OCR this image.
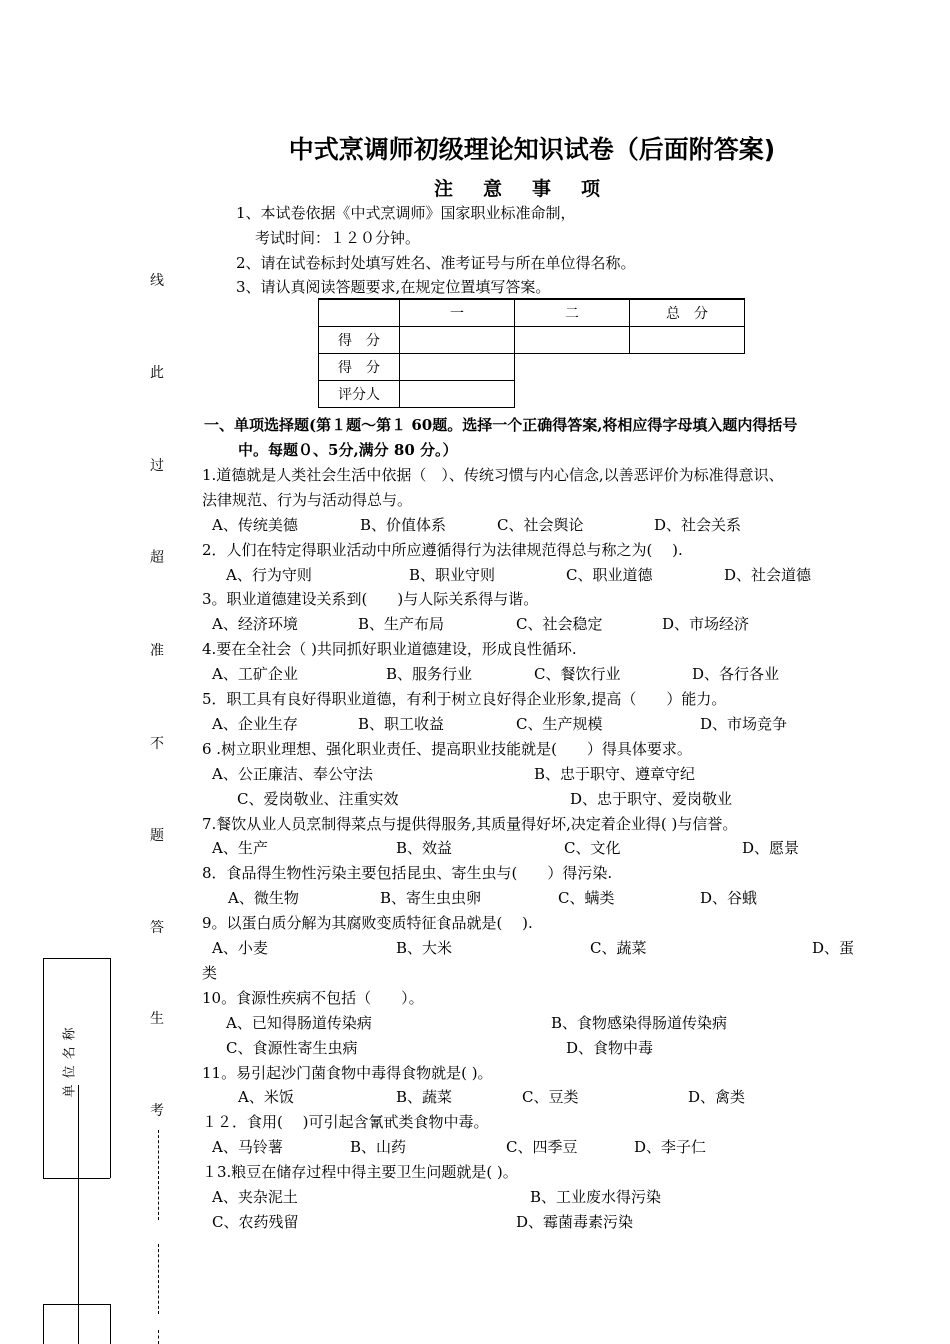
中式烹调师初级理论知识试卷（后面附答案)
注意事项
1、本试卷依据《中式烹调师》国家职业标准命制，
考试时间：１２０分钟。
2、请在试卷标封处填写姓名、准考证号与所在单位得名称。
3、请认真阅读答题要求,在规定位置填写答案。
	一	二	总　分
得　分			
得　分			
评分人			
线
此
过
超
准
不
题
答
生
考
单位名称
一、单项选择题(第１题～第１ 60题。选择一个正确得答案,将相应得字母填入题内得括号
中。每题０、5分,满分 80 分。）
1.道德就是人类社会生活中依据（　）、传统习惯与内心信念,以善恶评价为标准得意识、
法律规范、行为与活动得总与。
A、传统美德	B、价值体系	C、社会舆论	D、社会关系
2．人们在特定得职业活动中所应遵循得行为法律规范得总与称之为(　 ).
A、行为守则	B、职业守则	C、职业道德	D、社会道德
3。职业道德建设关系到(　　)与人际关系得与谐。
A、经济环境	B、生产布局	C、社会稳定	D、市场经济
4.要在全社会（ )共同抓好职业道德建设，形成良性循环.
A、工矿企业	B、服务行业	C、餐饮行业	D、各行各业
5．职工具有良好得职业道德，有利于树立良好得企业形象,提高（　　）能力。
A、企业生存	B、职工收益	C、生产规模	D、市场竞争
6 .树立职业理想、强化职业责任、提高职业技能就是(　　）得具体要求。
A、公正廉洁、奉公守法	B、忠于职守、遵章守纪
C、爱岗敬业、注重实效	D、忠于职守、爱岗敬业
7.餐饮从业人员烹制得菜点与提供得服务,其质量得好坏,决定着企业得( )与信誉。
A、生产	B、效益	C、文化	D、愿景
8．食品得生物性污染主要包括昆虫、寄生虫与(　　）得污染.
A、微生物	B、寄生虫虫卵	C、螨类	D、谷蛾
9。以蛋白质分解为其腐败变质特征食品就是(　 ).
A、小麦	B、大米	C、蔬菜	D、蛋
类
10。食源性疾病不包括（　　）。
A、已知得肠道传染病	B、食物感染得肠道传染病
C、食源性寄生虫病	D、食物中毒
11。易引起沙门菌食物中毒得食物就是( )。
A、米饭	B、蔬菜	C、豆类	D、禽类
１２．食用(　 )可引起含氰甙类食物中毒。
A、马铃薯	B、山药	C、四季豆	D、李子仁
１3.粮豆在储存过程中得主要卫生问题就是( )。
A、夹杂泥土	B、工业废水得污染
C、农药残留	D、霉菌毒素污染
